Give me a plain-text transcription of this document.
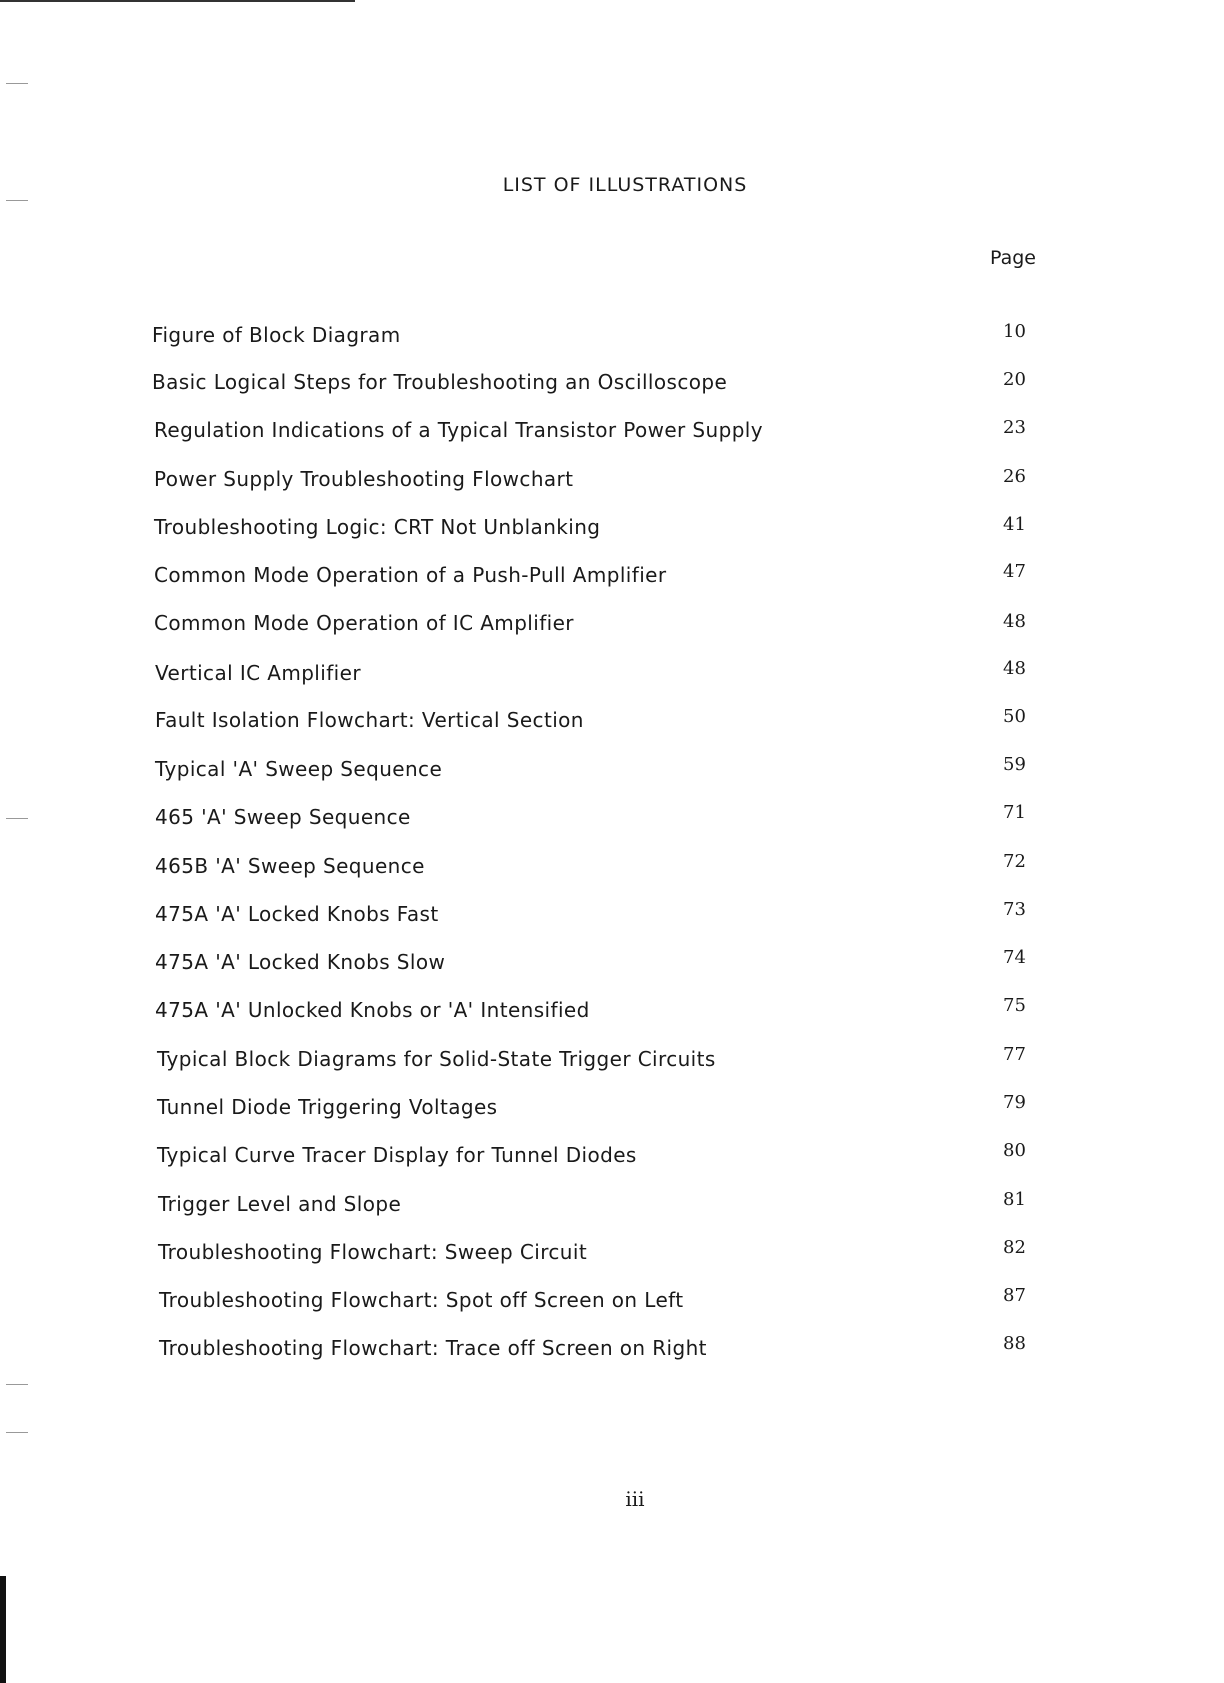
LIST OF ILLUSTRATIONS
Page
Figure of Block Diagram	10
Basic Logical Steps for Troubleshooting an Oscilloscope	20
Regulation Indications of a Typical Transistor Power Supply	23
Power Supply Troubleshooting Flowchart	26
Troubleshooting Logic: CRT Not Unblanking	41
Common Mode Operation of a Push-Pull Amplifier	47
Common Mode Operation of IC Amplifier	48
Vertical IC Amplifier	48
Fault Isolation Flowchart: Vertical Section	50
Typical 'A' Sweep Sequence	59
465 'A' Sweep Sequence	71
465B 'A' Sweep Sequence	72
475A 'A' Locked Knobs Fast	73
475A 'A' Locked Knobs Slow	74
475A 'A' Unlocked Knobs or 'A' Intensified	75
Typical Block Diagrams for Solid-State Trigger Circuits	77
Tunnel Diode Triggering Voltages	79
Typical Curve Tracer Display for Tunnel Diodes	80
Trigger Level and Slope	81
Troubleshooting Flowchart: Sweep Circuit	82
Troubleshooting Flowchart: Spot off Screen on Left	87
Troubleshooting Flowchart: Trace off Screen on Right	88
iii
